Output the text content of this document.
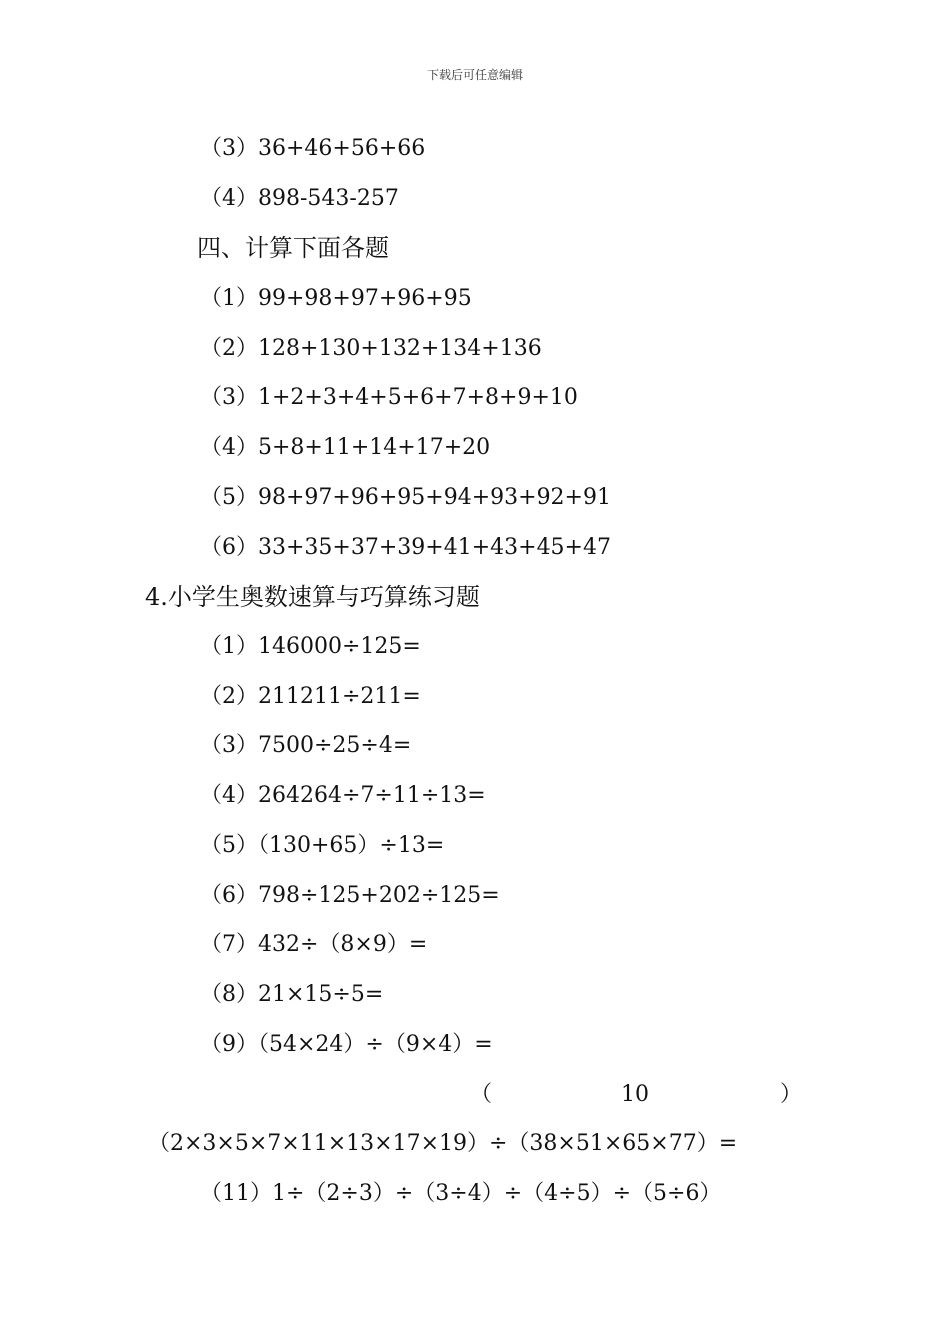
下载后可任意编辑
（3）36+46+56+66
（4）898-543-257
四、计算下面各题
（1）99+98+97+96+95
（2）128+130+132+134+136
（3）1+2+3+4+5+6+7+8+9+10
（4）5+8+11+14+17+20
（5）98+97+96+95+94+93+92+91
（6）33+35+37+39+41+43+45+47
4.小学生奥数速算与巧算练习题
（1）146000÷125=
（2）211211÷211=
（3）7500÷25÷4=
（4）264264÷7÷11÷13=
（5）（130+65）÷13=
（6）798÷125+202÷125=
（7）432÷（8×9）=
（8）21×15÷5=
（9）（54×24）÷（9×4）=
（	10	）
（2×3×5×7×11×13×17×19）÷（38×51×65×77）=
（11）1÷（2÷3）÷（3÷4）÷（4÷5）÷（5÷6）
